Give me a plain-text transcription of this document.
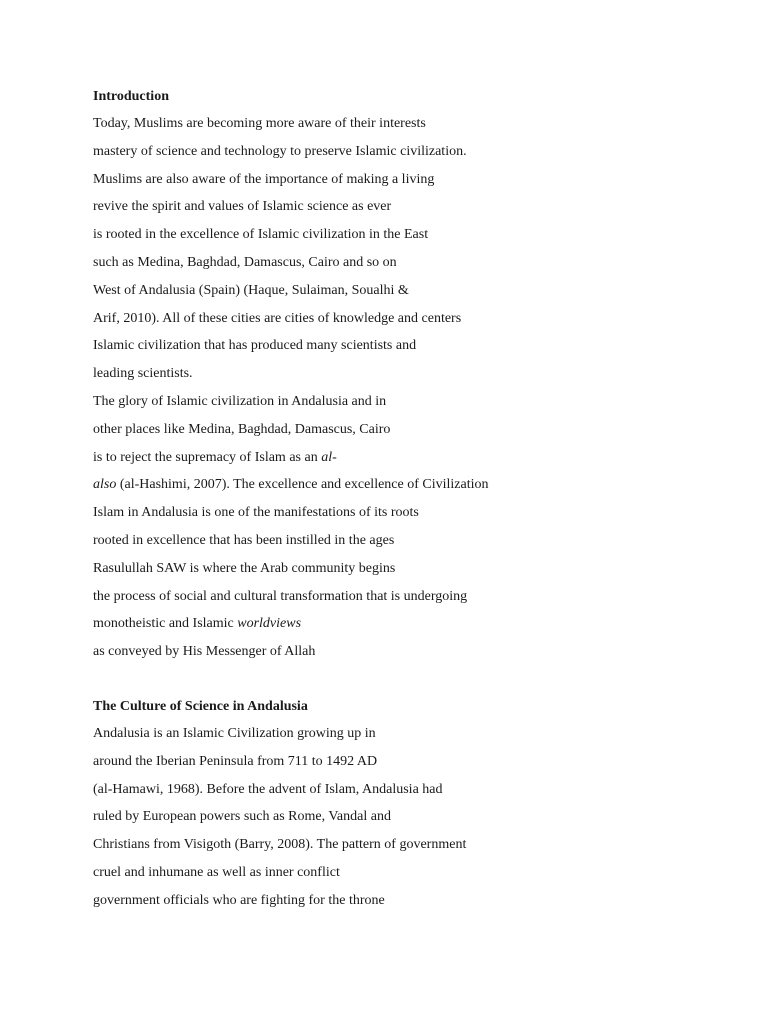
Introduction
Today, Muslims are becoming more aware of their interests
mastery of science and technology to preserve Islamic civilization.
Muslims are also aware of the importance of making a living
revive the spirit and values of Islamic science as ever
is rooted in the excellence of Islamic civilization in the East
such as Medina, Baghdad, Damascus, Cairo and so on
West of Andalusia (Spain) (Haque, Sulaiman, Soualhi &
Arif, 2010). All of these cities are cities of knowledge and centers
Islamic civilization that has produced many scientists and
leading scientists.
The glory of Islamic civilization in Andalusia and in
other places like Medina, Baghdad, Damascus, Cairo
is to reject the supremacy of Islam as an al-
also (al-Hashimi, 2007). The excellence and excellence of Civilization
Islam in Andalusia is one of the manifestations of its roots
rooted in excellence that has been instilled in the ages
Rasulullah SAW is where the Arab community begins
the process of social and cultural transformation that is undergoing
monotheistic and Islamic worldviews
as conveyed by His Messenger of Allah
The Culture of Science in Andalusia
Andalusia is an Islamic Civilization growing up in
around the Iberian Peninsula from 711 to 1492 AD
(al-Hamawi, 1968). Before the advent of Islam, Andalusia had
ruled by European powers such as Rome, Vandal and
Christians from Visigoth (Barry, 2008). The pattern of government
cruel and inhumane as well as inner conflict
government officials who are fighting for the throne
